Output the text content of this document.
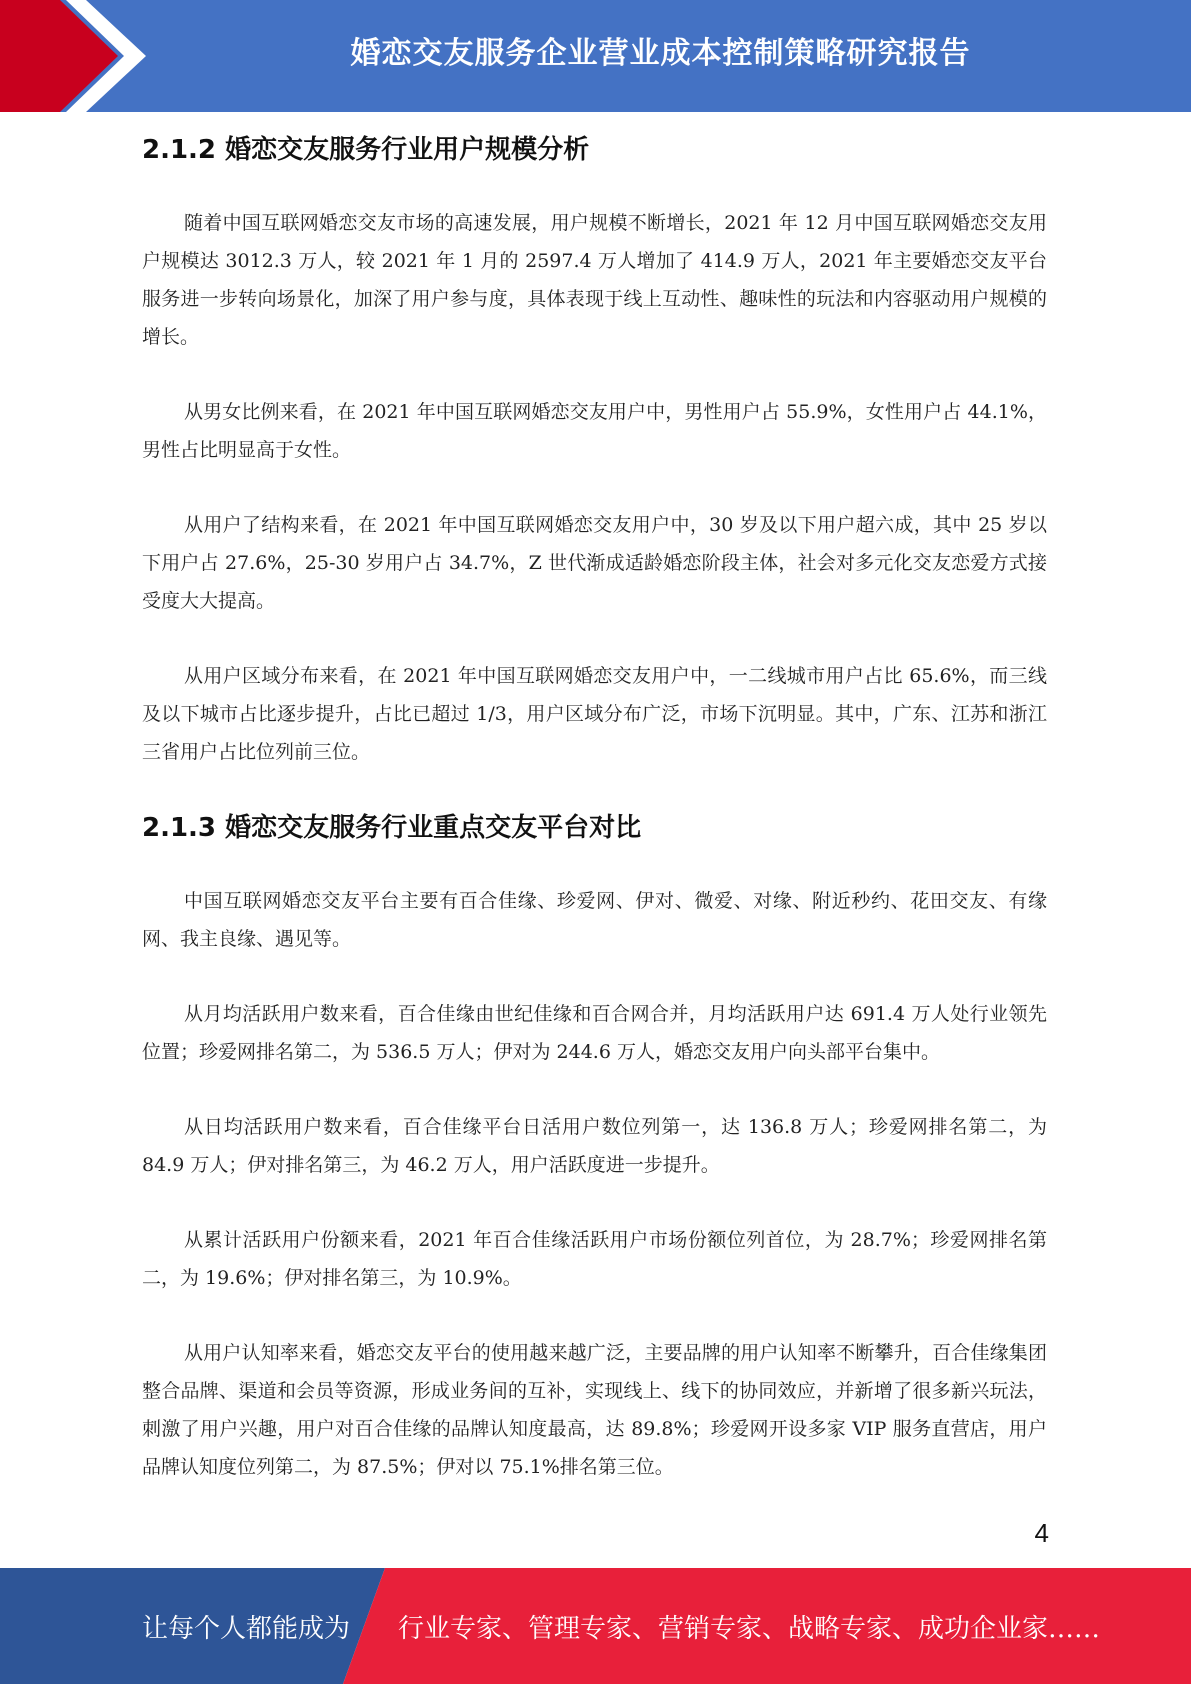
婚恋交友服务企业营业成本控制策略研究报告
2.1.2 婚恋交友服务行业用户规模分析

随着中国互联网婚恋交友市场的高速发展，用户规模不断增长，2021 年 12 月中国互联网婚恋交友用户规模达 3012.3 万人，较 2021 年 1 月的 2597.4 万人增加了 414.9 万人，2021 年主要婚恋交友平台服务进一步转向场景化，加深了用户参与度，具体表现于线上互动性、趣味性的玩法和内容驱动用户规模的增长。

从男女比例来看，在 2021 年中国互联网婚恋交友用户中，男性用户占 55.9%，女性用户占 44.1%，男性占比明显高于女性。

从用户了结构来看，在 2021 年中国互联网婚恋交友用户中，30 岁及以下用户超六成，其中 25 岁以下用户占 27.6%，25-30 岁用户占 34.7%，Z 世代渐成适龄婚恋阶段主体，社会对多元化交友恋爱方式接受度大大提高。

从用户区域分布来看，在 2021 年中国互联网婚恋交友用户中，一二线城市用户占比 65.6%，而三线及以下城市占比逐步提升，占比已超过 1/3，用户区域分布广泛，市场下沉明显。其中，广东、江苏和浙江三省用户占比位列前三位。

2.1.3 婚恋交友服务行业重点交友平台对比

中国互联网婚恋交友平台主要有百合佳缘、珍爱网、伊对、微爱、对缘、附近秒约、花田交友、有缘网、我主良缘、遇见等。

从月均活跃用户数来看，百合佳缘由世纪佳缘和百合网合并，月均活跃用户达 691.4 万人处行业领先位置；珍爱网排名第二，为 536.5 万人；伊对为 244.6 万人，婚恋交友用户向头部平台集中。

从日均活跃用户数来看，百合佳缘平台日活用户数位列第一，达 136.8 万人；珍爱网排名第二，为 84.9 万人；伊对排名第三，为 46.2 万人，用户活跃度进一步提升。

从累计活跃用户份额来看，2021 年百合佳缘活跃用户市场份额位列首位，为 28.7%；珍爱网排名第二，为 19.6%；伊对排名第三，为 10.9%。

从用户认知率来看，婚恋交友平台的使用越来越广泛，主要品牌的用户认知率不断攀升，百合佳缘集团整合品牌、渠道和会员等资源，形成业务间的互补，实现线上、线下的协同效应，并新增了很多新兴玩法，刺激了用户兴趣，用户对百合佳缘的品牌认知度最高，达 89.8%；珍爱网开设多家 VIP 服务直营店，用户品牌认知度位列第二，为 87.5%；伊对以 75.1%排名第三位。

4
让每个人都能成为 行业专家、管理专家、营销专家、战略专家、成功企业家……
